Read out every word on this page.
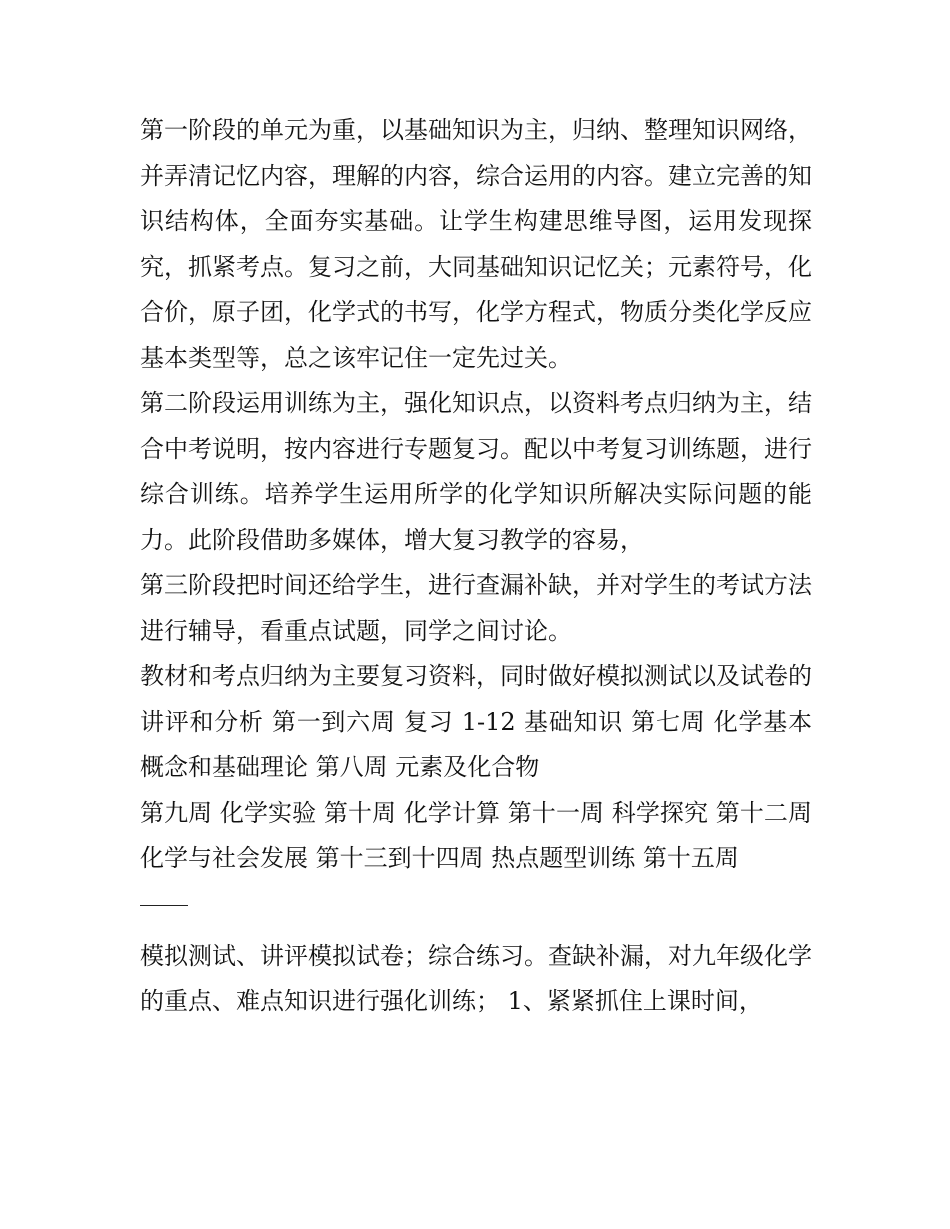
第一阶段的单元为重，以基础知识为主，归纳、整理知识网络，并弄清记忆内容，理解的内容，综合运用的内容。建立完善的知识结构体，全面夯实基础。让学生构建思维导图，运用发现探究，抓紧考点。复习之前，大同基础知识记忆关；元素符号，化合价，原子团，化学式的书写，化学方程式，物质分类化学反应基本类型等，总之该牢记住一定先过关。

第二阶段运用训练为主，强化知识点，以资料考点归纳为主，结合中考说明，按内容进行专题复习。配以中考复习训练题，进行综合训练。培养学生运用所学的化学知识所解决实际问题的能力。此阶段借助多媒体，增大复习教学的容易，

第三阶段把时间还给学生，进行查漏补缺，并对学生的考试方法进行辅导，看重点试题，同学之间讨论。

教材和考点归纳为主要复习资料，同时做好模拟测试以及试卷的讲评和分析 第一到六周 复习 1-12 基础知识 第七周 化学基本概念和基础理论 第八周 元素及化合物

第九周 化学实验 第十周 化学计算 第十一周 科学探究 第十二周 化学与社会发展 第十三到十四周 热点题型训练 第十五周

模拟测试、讲评模拟试卷；综合练习。查缺补漏，对九年级化学的重点、难点知识进行强化训练； 1、紧紧抓住上课时间，
